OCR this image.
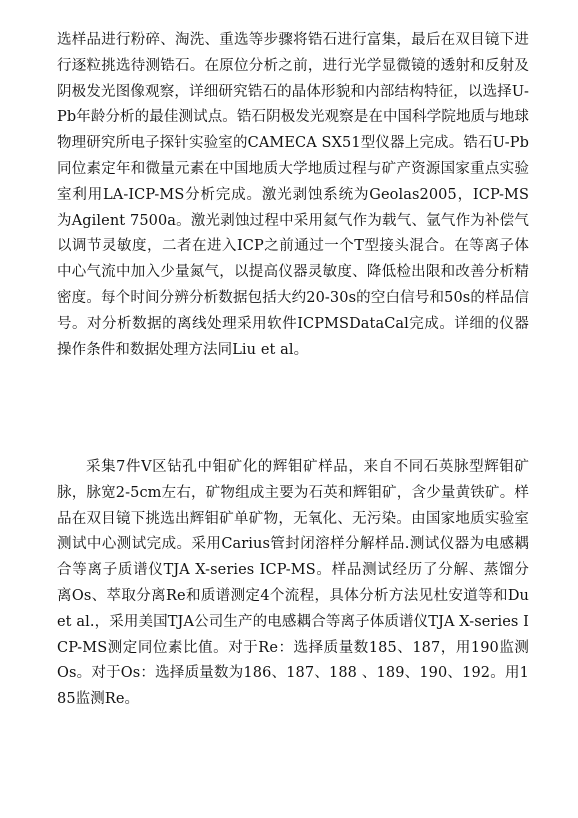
选样品进行粉碎、淘洗、重选等步骤将锆石进行富集，最后在双目镜下进行逐粒挑选待测锆石。在原位分析之前，进行光学显微镜的透射和反射及阴极发光图像观察，详细研究锆石的晶体形貌和内部结构特征，以选择U-Pb年龄分析的最佳测试点。锆石阴极发光观察是在中国科学院地质与地球物理研究所电子探针实验室的CAMECA SX51型仪器上完成。锆石U-Pb同位素定年和微量元素在中国地质大学地质过程与矿产资源国家重点实验室利用LA-ICP-MS分析完成。激光剥蚀系统为Geolas2005，ICP-MS为Agilent 7500a。激光剥蚀过程中采用氦气作为载气、氩气作为补偿气以调节灵敏度，二者在进入ICP之前通过一个T型接头混合。在等离子体中心气流中加入少量氮气，以提高仪器灵敏度、降低检出限和改善分析精密度。每个时间分辨分析数据包括大约20-30s的空白信号和50s的样品信号。对分析数据的离线处理采用软件ICPMSDataCal完成。详细的仪器操作条件和数据处理方法同Liu et al。

采集7件V区钻孔中钼矿化的辉钼矿样品，来自不同石英脉型辉钼矿脉，脉宽2-5cm左右，矿物组成主要为石英和辉钼矿，含少量黄铁矿。样品在双目镜下挑选出辉钼矿单矿物，无氧化、无污染。由国家地质实验室测试中心测试完成。采用Carius管封闭溶样分解样品.测试仪器为电感耦合等离子质谱仪TJA X-series ICP-MS。样品测试经历了分解、蒸馏分离Os、萃取分离Re和质谱测定4个流程，具体分析方法见杜安道等和Du et al.，采用美国TJA公司生产的电感耦合等离子体质谱仪TJA X-series ICP-MS测定同位素比值。对于Re：选择质量数185、187，用190监测Os。对于Os：选择质量数为186、187、188 、189、190、192。用185监测Re。
